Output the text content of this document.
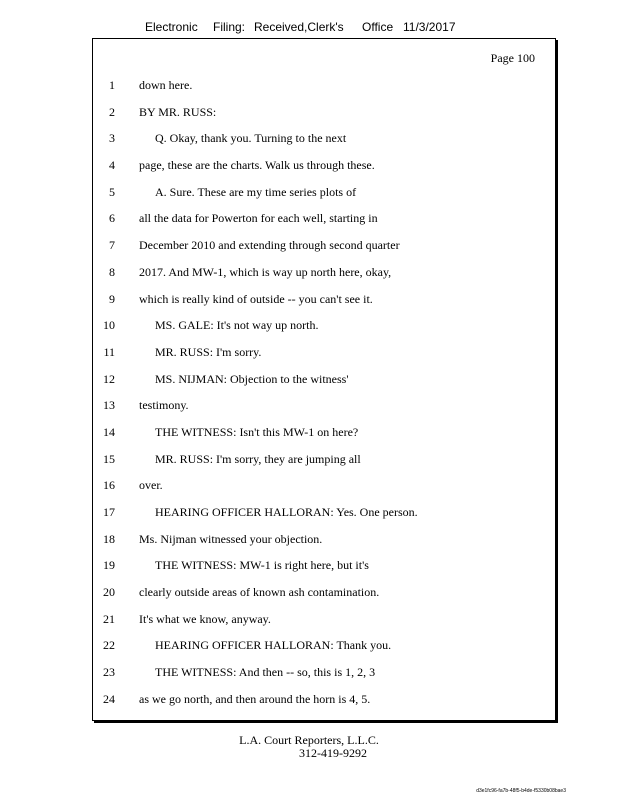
Electronic Filing: Received,Clerk's Office 11/3/2017
Page 100
1 down here.
2 BY MR. RUSS:
3	Q. Okay, thank you. Turning to the next
4 page, these are the charts. Walk us through these.
5	A. Sure. These are my time series plots of
6 all the data for Powerton for each well, starting in
7 December 2010 and extending through second quarter
8 2017. And MW-1, which is way up north here, okay,
9 which is really kind of outside -- you can't see it.
10	MS. GALE: It's not way up north.
11	MR. RUSS: I'm sorry.
12	MS. NIJMAN: Objection to the witness'
13 testimony.
14	THE WITNESS: Isn't this MW-1 on here?
15	MR. RUSS: I'm sorry, they are jumping all
16 over.
17	HEARING OFFICER HALLORAN: Yes. One person.
18 Ms. Nijman witnessed your objection.
19	THE WITNESS: MW-1 is right here, but it's
20 clearly outside areas of known ash contamination.
21 It's what we know, anyway.
22	HEARING OFFICER HALLORAN: Thank you.
23	THE WITNESS: And then -- so, this is 1, 2, 3
24 as we go north, and then around the horn is 4, 5.
L.A. Court Reporters, L.L.C.
312-419-9292
d3e1fc96-fa7b-48f5-b4de-f5330b08bae3
